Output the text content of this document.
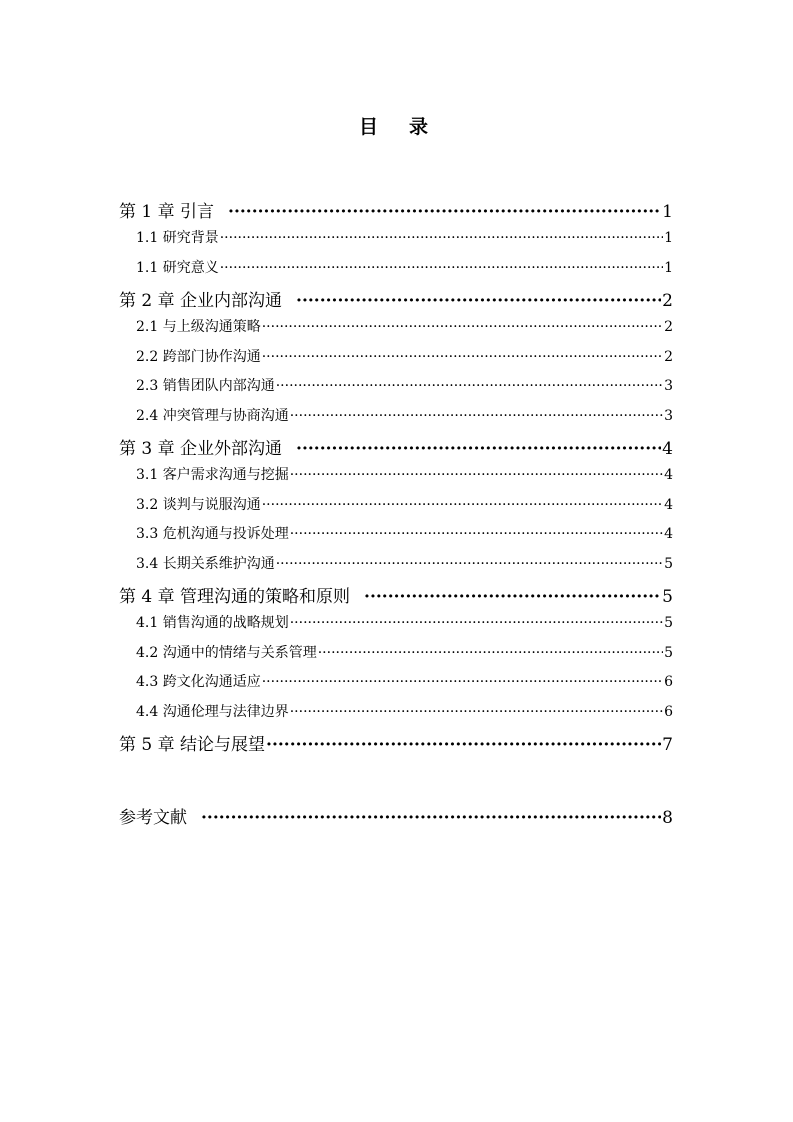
目　录
第 1 章 引言 ·····	1
1.1 研究背景 ·····	1
1.1 研究意义 ·····	1
第 2 章 企业内部沟通 ·····	2
2.1 与上级沟通策略 ·····	2
2.2 跨部门协作沟通 ·····	2
2.3 销售团队内部沟通 ·····	3
2.4 冲突管理与协商沟通 ·····	3
第 3 章 企业外部沟通 ·····	4
3.1 客户需求沟通与挖掘 ·····	4
3.2 谈判与说服沟通 ·····	4
3.3 危机沟通与投诉处理 ·····	4
3.4 长期关系维护沟通 ·····	5
第 4 章 管理沟通的策略和原则 ·····	5
4.1 销售沟通的战略规划 ·····	5
4.2 沟通中的情绪与关系管理 ·····	5
4.3 跨文化沟通适应 ·····	6
4.4 沟通伦理与法律边界 ·····	6
第 5 章 结论与展望 ·····	7
参考文献 ·····	8
